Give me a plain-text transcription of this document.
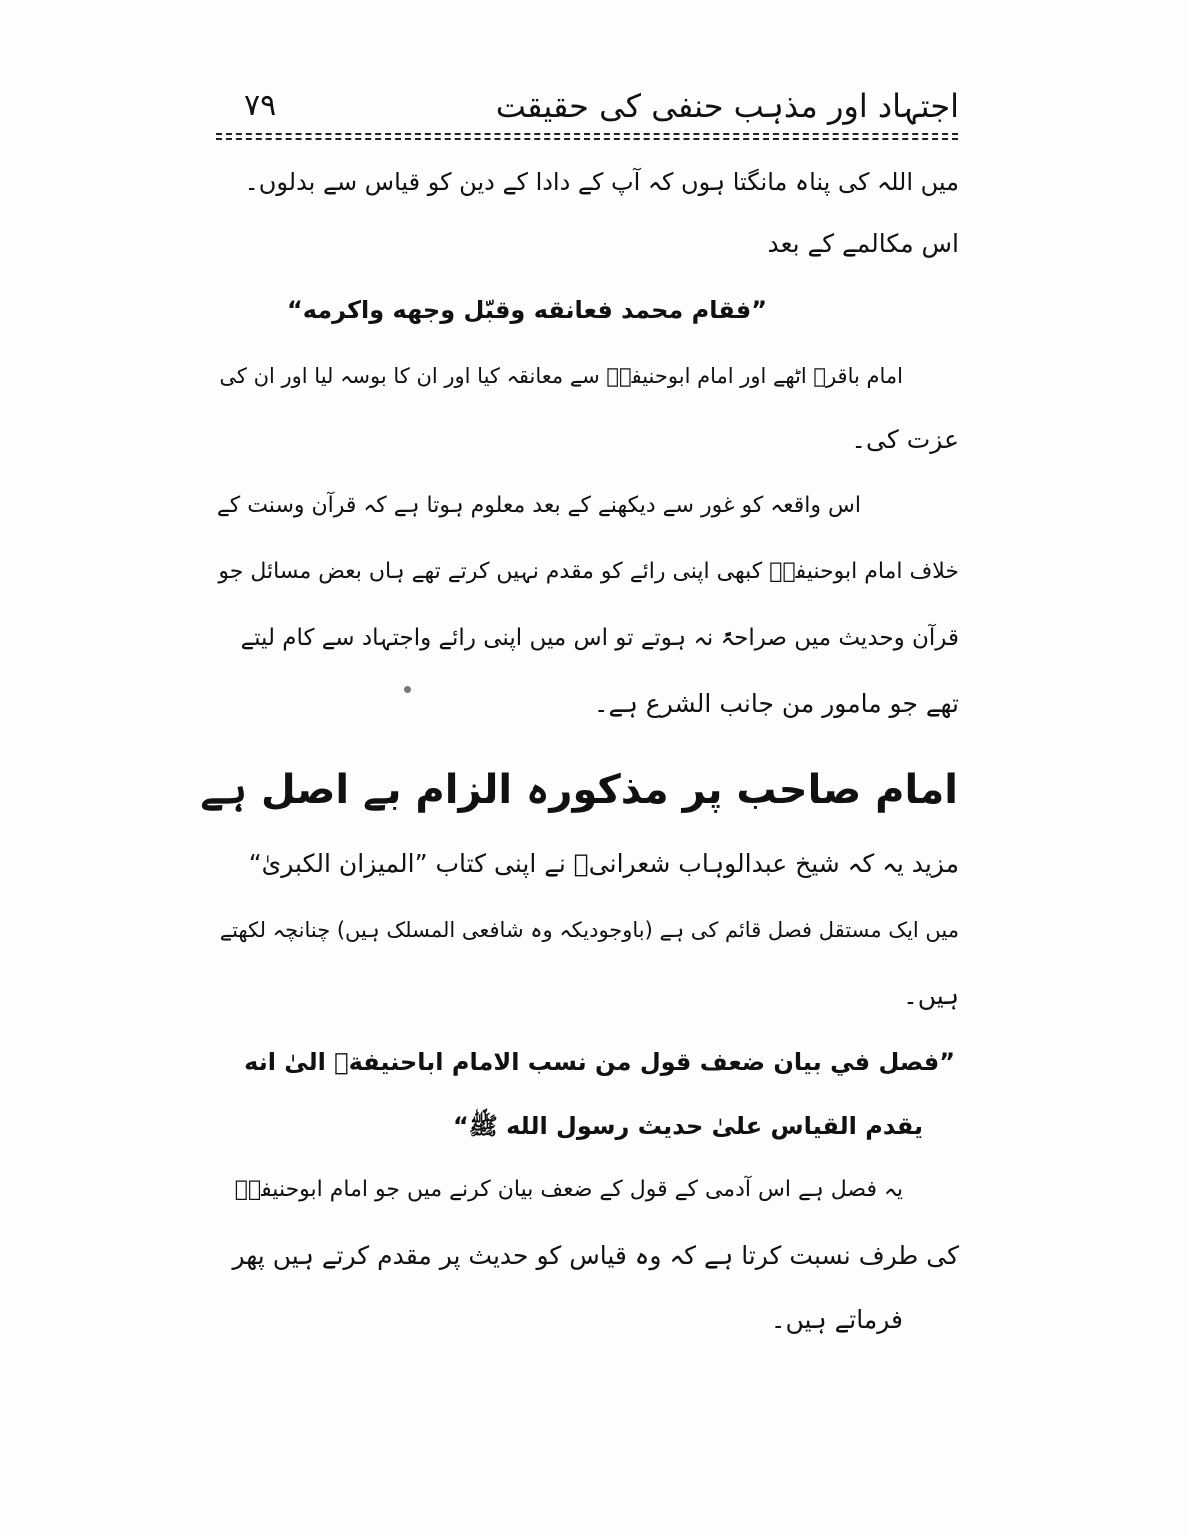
اجتہاد اور مذہب حنفی کی حقیقت
۷۹
میں اللہ کی پناہ مانگتا ہوں کہ آپ کے دادا کے دین کو قیاس سے بدلوں۔
اس مکالمے کے بعد
”فقام محمد فعانقه وقبّل وجهه واكرمه“
امام باقرؒ اٹھے اور امام ابوحنیفہؒ سے معانقہ کیا اور ان کا بوسہ لیا اور ان کی
عزت کی۔
اس واقعہ کو غور سے دیکھنے کے بعد معلوم ہوتا ہے کہ قرآن وسنت کے
خلاف امام ابوحنیفہؒ کبھی اپنی رائے کو مقدم نہیں کرتے تھے ہاں بعض مسائل جو
قرآن وحدیث میں صراحۃً نہ ہوتے تو اس میں اپنی رائے واجتہاد سے کام لیتے
تھے جو مامور من جانب الشرع ہے۔
امام صاحب پر مذکورہ الزام بے اصل ہے
مزید یہ کہ شیخ عبدالوہاب شعرانیؒ نے اپنی کتاب ”المیزان الکبریٰ“
میں ایک مستقل فصل قائم کی ہے (باوجودیکہ وہ شافعی المسلک ہیں) چنانچہ لکھتے
ہیں۔
”فصل في بيان ضعف قول من نسب الامام اباحنيفةؒ الىٰ انه
يقدم القياس علىٰ حديث رسول الله ﷺ“
یہ فصل ہے اس آدمی کے قول کے ضعف بیان کرنے میں جو امام ابوحنیفہؒ
کی طرف نسبت کرتا ہے کہ وہ قیاس کو حدیث پر مقدم کرتے ہیں پھر
فرماتے ہیں۔
